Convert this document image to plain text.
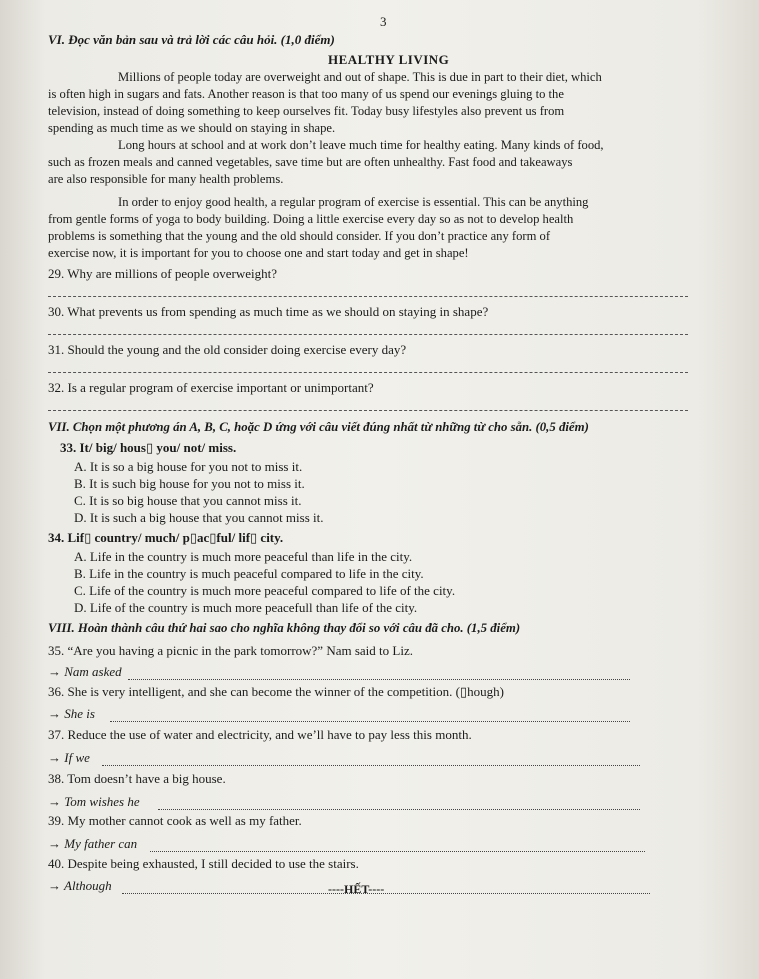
3
VI. Đọc văn bản sau và trả lời các câu hỏi. (1,0 điểm)
HEALTHY LIVING
Millions of people today are overweight and out of shape. This is due in part to their diet, which
is often high in sugars and fats. Another reason is that too many of us spend our evenings gluing to the
television, instead of doing something to keep ourselves fit. Today busy lifestyles also prevent us from
spending as much time as we should on staying in shape.
Long hours at school and at work don’t leave much time for healthy eating. Many kinds of food,
such as frozen meals and canned vegetables, save time but are often unhealthy. Fast food and takeaways
are also responsible for many health problems.
In order to enjoy good health, a regular program of exercise is essential. This can be anything
from gentle forms of yoga to body building. Doing a little exercise every day so as not to develop health
problems is something that the young and the old should consider. If you don’t practice any form of
exercise now, it is important for you to choose one and start today and get in shape!
29. Why are millions of people overweight?
30. What prevents us from spending as much time as we should on staying in shape?
31. Should the young and the old consider doing exercise every day?
32. Is a regular program of exercise important or unimportant?
VII. Chọn một phương án A, B, C, hoặc D ứng với câu viết đúng nhất từ những từ cho sẵn. (0,5 điểm)
33. It/ big/ hous▯ you/ not/ miss.
A. It is so a big house for you not to miss it.
B. It is such big house for you not to miss it.
C. It is so big house that you cannot miss it.
D. It is such a big house that you cannot miss it.
34. Lif▯ country/ much/ p▯ac▯ful/ lif▯ city.
A. Life in the country is much more peaceful than life in the city.
B. Life in the country is much peaceful compared to life in the city.
C. Life of the country is much more peaceful compared to life of the city.
D. Life of the country is much more peacefull than life of the city.
VIII. Hoàn thành câu thứ hai sao cho nghĩa không thay đổi so với câu đã cho. (1,5 điểm)
35. “Are you having a picnic in the park tomorrow?” Nam said to Liz.
→ Nam asked
36. She is very intelligent, and she can become the winner of the competition. (▯hough)
→ She is
37. Reduce the use of water and electricity, and we’ll have to pay less this month.
→ If we
38. Tom doesn’t have a big house.
→ Tom wishes he
39. My mother cannot cook as well as my father.
→ My father can
40. Despite being exhausted, I still decided to use the stairs.
→ Although	----HẾT----
